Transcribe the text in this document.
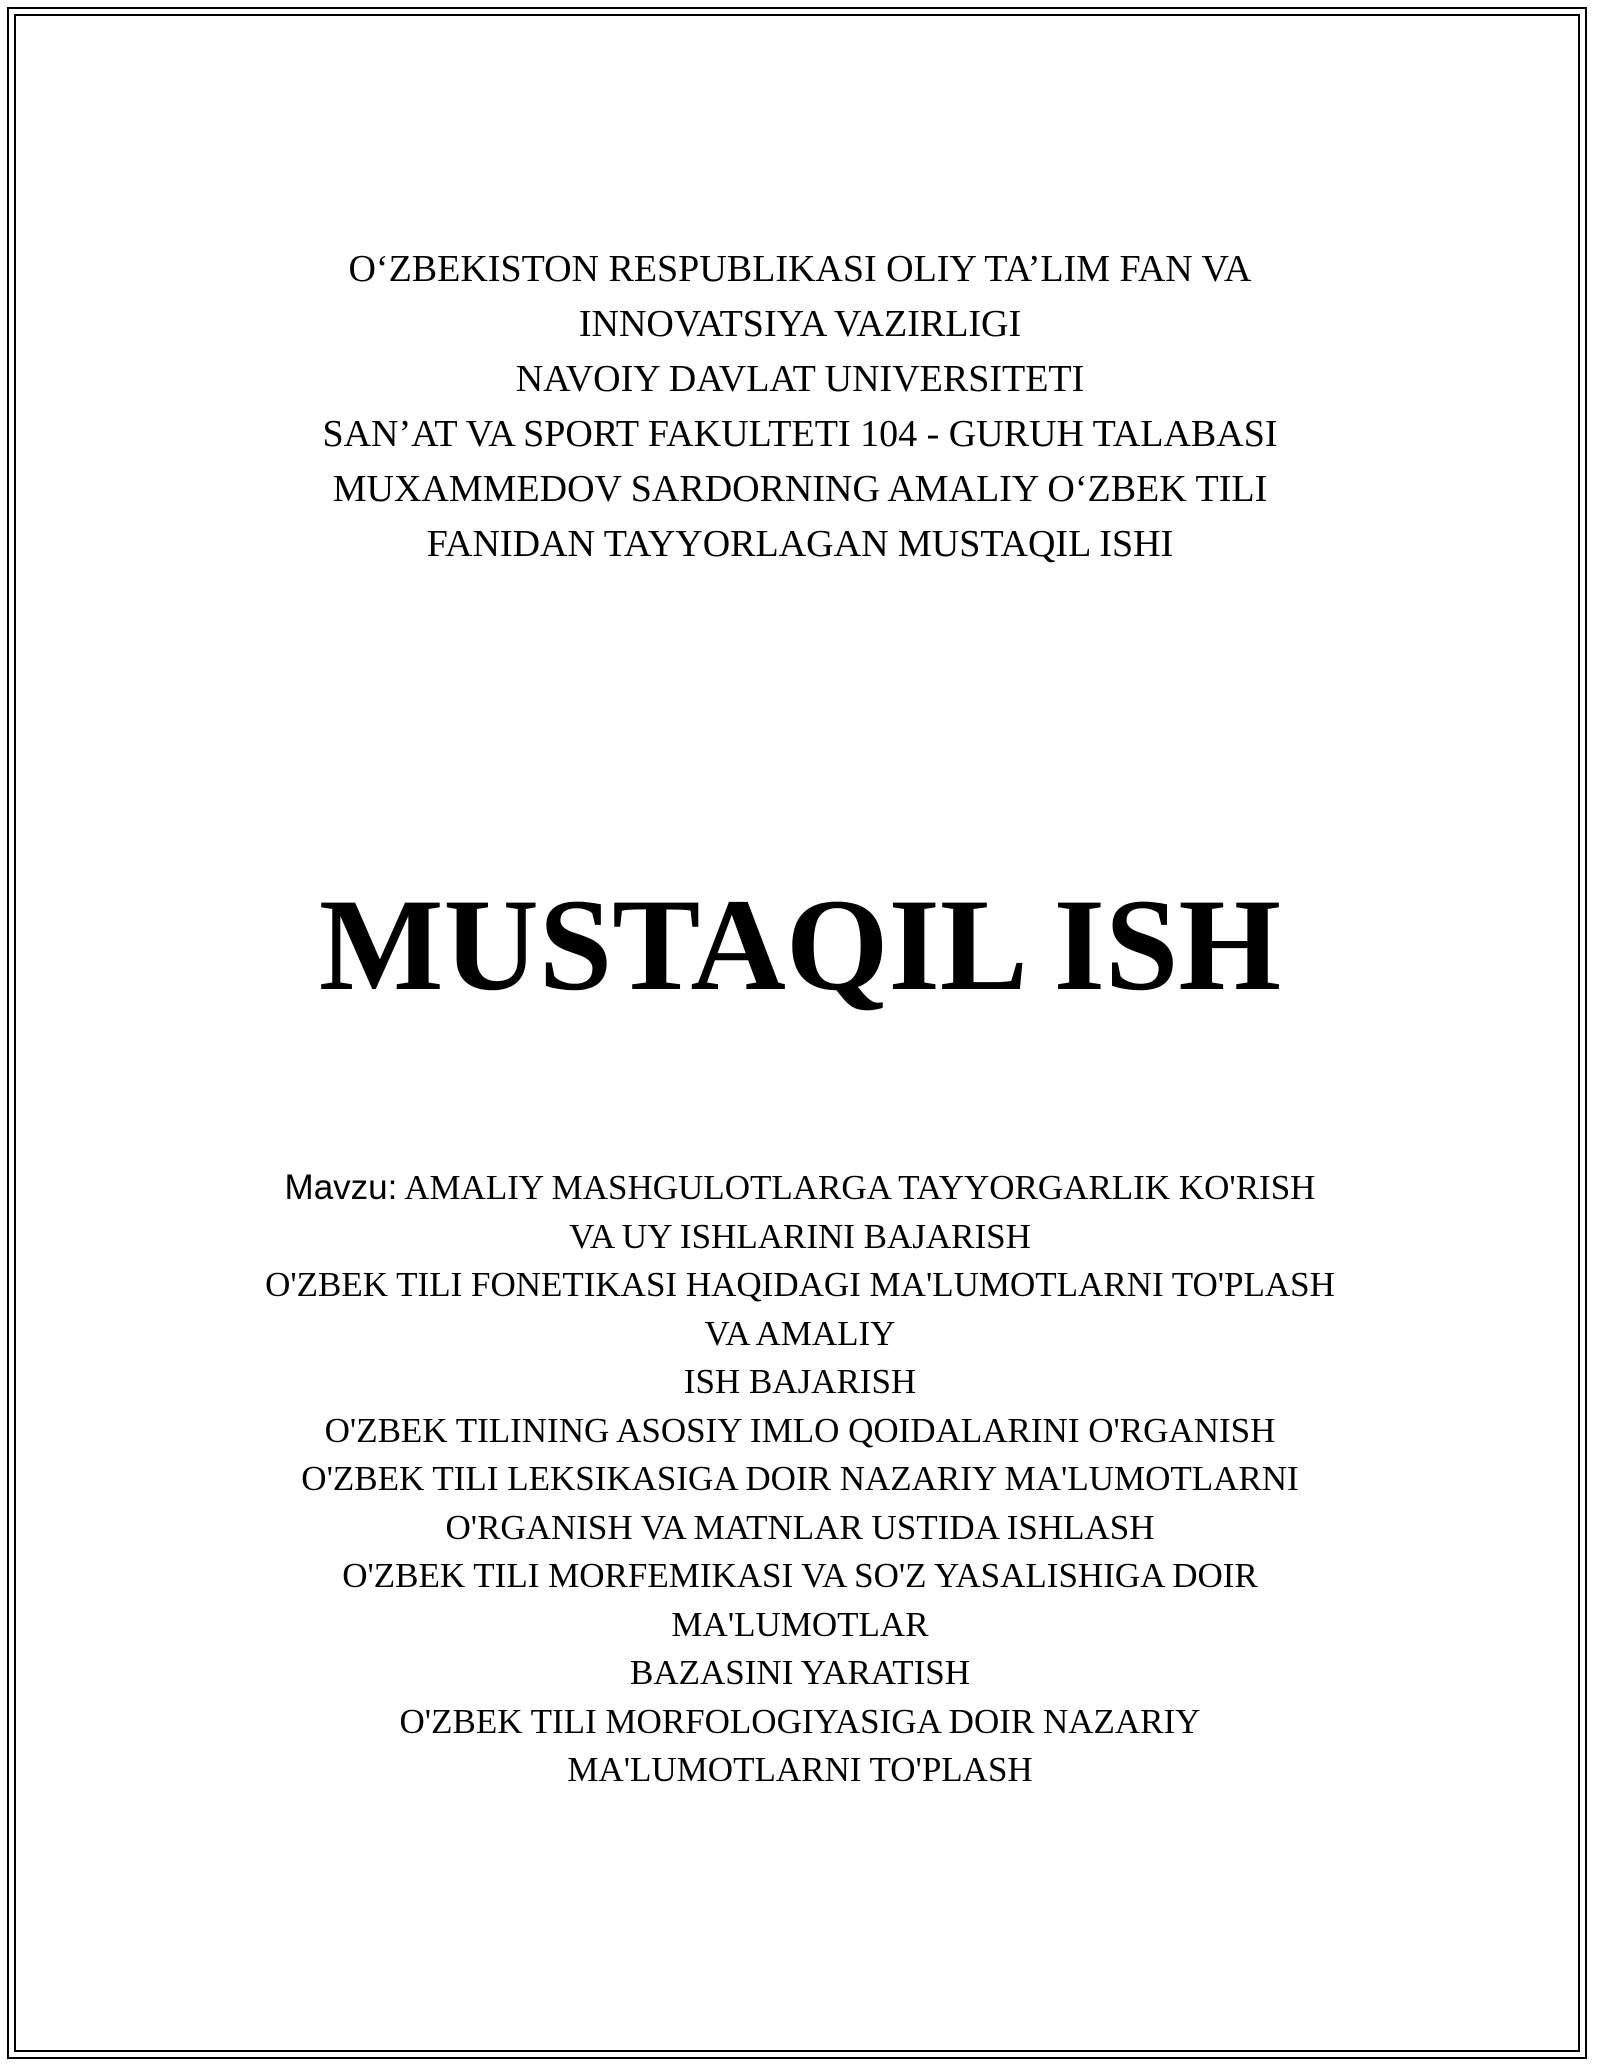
O‘ZBEKISTON RESPUBLIKASI OLIY TA’LIM FAN VA
INNOVATSIYA VAZIRLIGI
NAVOIY DAVLAT UNIVERSITETI
SAN’AT VA SPORT FAKULTETI 104 - GURUH TALABASI
MUXAMMEDOV SARDORNING AMALIY O‘ZBEK TILI
FANIDAN TAYYORLAGAN MUSTAQIL ISHI
MUSTAQIL ISH
Mavzu: AMALIY MASHGULOTLARGA TAYYORGARLIK KO'RISH
VA UY ISHLARINI BAJARISH
O'ZBEK TILI FONETIKASI HAQIDAGI MA'LUMOTLARNI TO'PLASH
VA AMALIY
ISH BAJARISH
O'ZBEK TILINING ASOSIY IMLO QOIDALARINI O'RGANISH
O'ZBEK TILI LEKSIKASIGA DOIR NAZARIY MA'LUMOTLARNI
O'RGANISH VA MATNLAR USTIDA ISHLASH
O'ZBEK TILI MORFEMIKASI VA SO'Z YASALISHIGA DOIR
MA'LUMOTLAR
BAZASINI YARATISH
O'ZBEK TILI MORFOLOGIYASIGA DOIR NAZARIY
MA'LUMOTLARNI TO'PLASH
